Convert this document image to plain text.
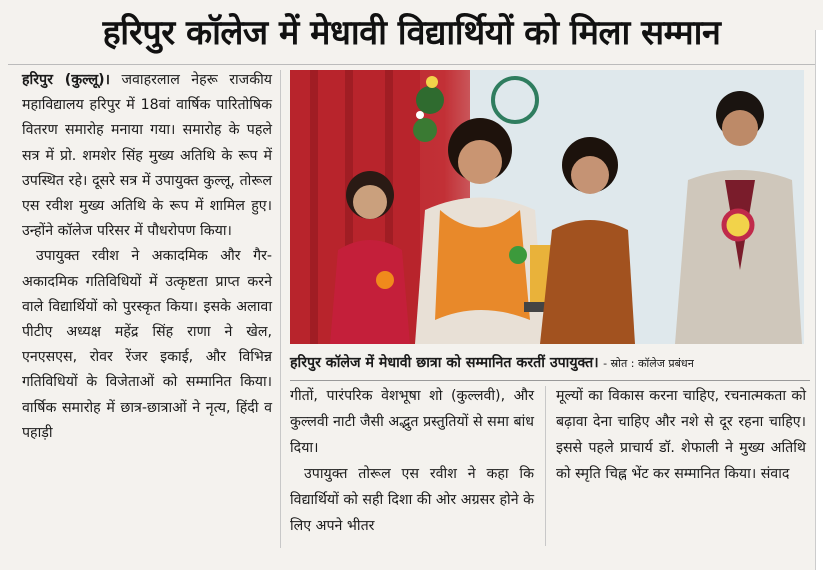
हरिपुर कॉलेज में मेधावी विद्यार्थियों को मिला सम्मान

हरिपुर (कुल्लू)। जवाहरलाल नेहरू राजकीय महाविद्यालय हरिपुर में 18वां वार्षिक पारितोषिक वितरण समारोह मनाया गया। समारोह के पहले सत्र में प्रो. शमशेर सिंह मुख्य अतिथि के रूप में उपस्थित रहे। दूसरे सत्र में उपायुक्त कुल्लू, तोरूल एस रवीश मुख्य अतिथि के रूप में शामिल हुए। उन्होंने कॉलेज परिसर में पौधरोपण किया।

उपायुक्त रवीश ने अकादमिक और गैर-अकादमिक गतिविधियों में उत्कृष्टता प्राप्त करने वाले विद्यार्थियों को पुरस्कृत किया। इसके अलावा पीटीए अध्यक्ष महेंद्र सिंह राणा ने खेल, एनएसएस, रोवर रेंजर इकाई, और विभिन्न गतिविधियों के विजेताओं को सम्मानित किया। वार्षिक समारोह में छात्र-छात्राओं ने नृत्य, हिंदी व पहाड़ी

हरिपुर कॉलेज में मेधावी छात्रा को सम्मानित करतीं उपायुक्त। - स्रोत : कॉलेज प्रबंधन

गीतों, पारंपरिक वेशभूषा शो (कुल्लवी), और कुल्लवी नाटी जैसी अद्भुत प्रस्तुतियों से समा बांध दिया।

उपायुक्त तोरूल एस रवीश ने कहा कि विद्यार्थियों को सही दिशा की ओर अग्रसर होने के लिए अपने भीतर

मूल्यों का विकास करना चाहिए, रचनात्मकता को बढ़ावा देना चाहिए और नशे से दूर रहना चाहिए। इससे पहले प्राचार्य डॉ. शेफाली ने मुख्य अतिथि को स्मृति चिह्न भेंट कर सम्मानित किया। संवाद
